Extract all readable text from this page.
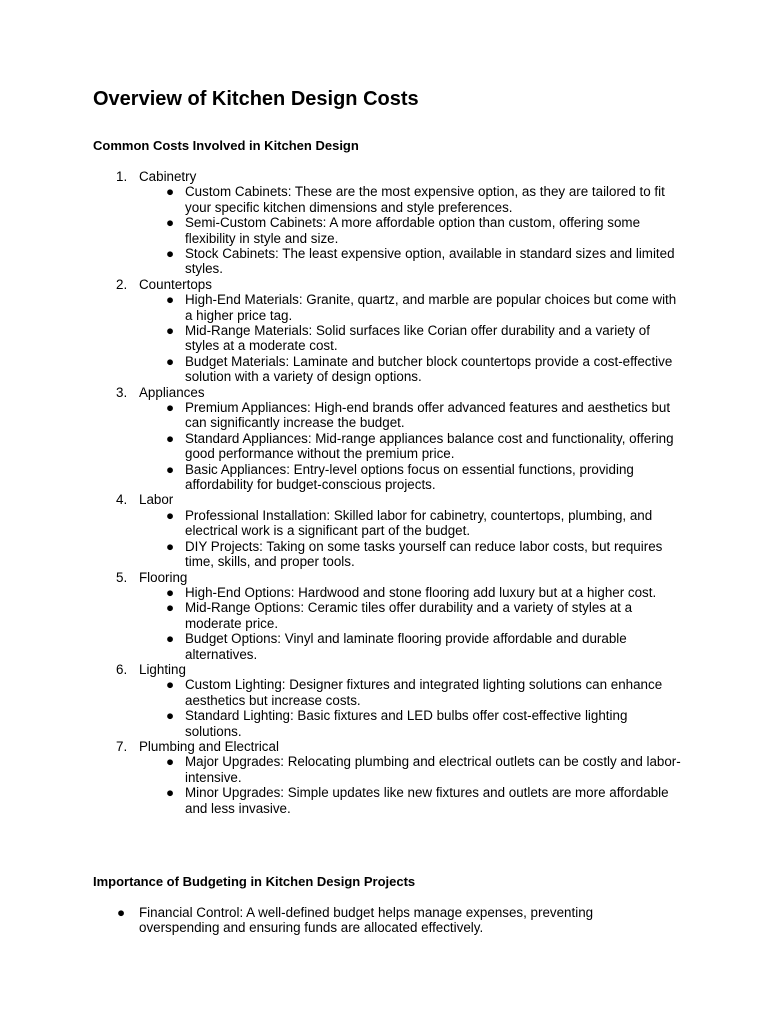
Overview of Kitchen Design Costs
Common Costs Involved in Kitchen Design
1. Cabinetry
● Custom Cabinets: These are the most expensive option, as they are tailored to fit your specific kitchen dimensions and style preferences.
● Semi-Custom Cabinets: A more affordable option than custom, offering some flexibility in style and size.
● Stock Cabinets: The least expensive option, available in standard sizes and limited styles.
2. Countertops
● High-End Materials: Granite, quartz, and marble are popular choices but come with a higher price tag.
● Mid-Range Materials: Solid surfaces like Corian offer durability and a variety of styles at a moderate cost.
● Budget Materials: Laminate and butcher block countertops provide a cost-effective solution with a variety of design options.
3. Appliances
● Premium Appliances: High-end brands offer advanced features and aesthetics but can significantly increase the budget.
● Standard Appliances: Mid-range appliances balance cost and functionality, offering good performance without the premium price.
● Basic Appliances: Entry-level options focus on essential functions, providing affordability for budget-conscious projects.
4. Labor
● Professional Installation: Skilled labor for cabinetry, countertops, plumbing, and electrical work is a significant part of the budget.
● DIY Projects: Taking on some tasks yourself can reduce labor costs, but requires time, skills, and proper tools.
5. Flooring
● High-End Options: Hardwood and stone flooring add luxury but at a higher cost.
● Mid-Range Options: Ceramic tiles offer durability and a variety of styles at a moderate price.
● Budget Options: Vinyl and laminate flooring provide affordable and durable alternatives.
6. Lighting
● Custom Lighting: Designer fixtures and integrated lighting solutions can enhance aesthetics but increase costs.
● Standard Lighting: Basic fixtures and LED bulbs offer cost-effective lighting solutions.
7. Plumbing and Electrical
● Major Upgrades: Relocating plumbing and electrical outlets can be costly and labor-intensive.
● Minor Upgrades: Simple updates like new fixtures and outlets are more affordable and less invasive.
Importance of Budgeting in Kitchen Design Projects
● Financial Control: A well-defined budget helps manage expenses, preventing overspending and ensuring funds are allocated effectively.
